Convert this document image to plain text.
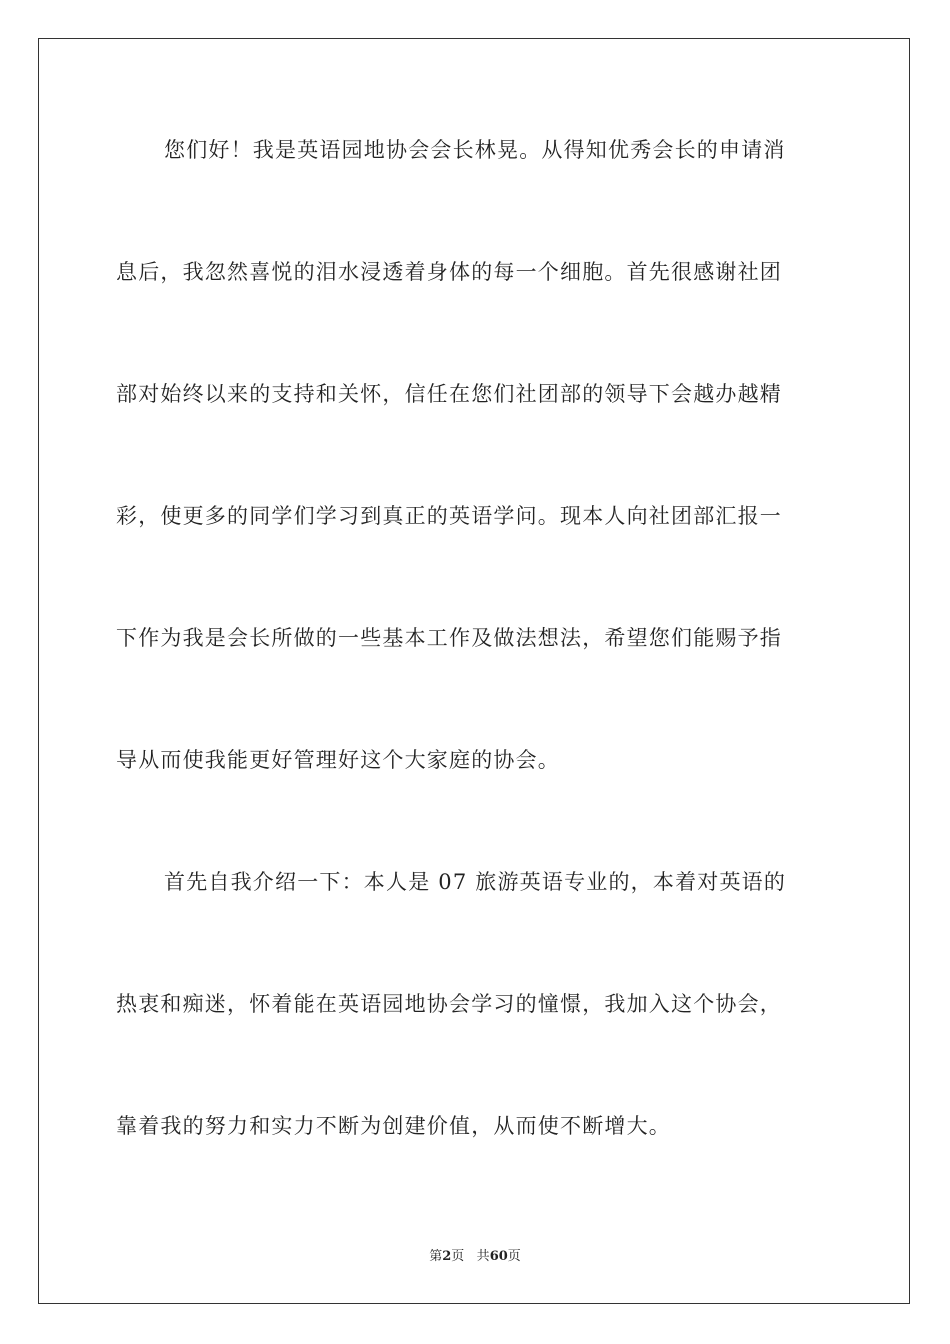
您们好！我是英语园地协会会长林晃。从得知优秀会长的申请消
息后，我忽然喜悦的泪水浸透着身体的每一个细胞。首先很感谢社团
部对始终以来的支持和关怀，信任在您们社团部的领导下会越办越精
彩，使更多的同学们学习到真正的英语学问。现本人向社团部汇报一
下作为我是会长所做的一些基本工作及做法想法，希望您们能赐予指
导从而使我能更好管理好这个大家庭的协会。
首先自我介绍一下：本人是 07 旅游英语专业的，本着对英语的
热衷和痴迷，怀着能在英语园地协会学习的憧憬，我加入这个协会，
靠着我的努力和实力不断为创建价值，从而使不断增大。
第2页 共60页
